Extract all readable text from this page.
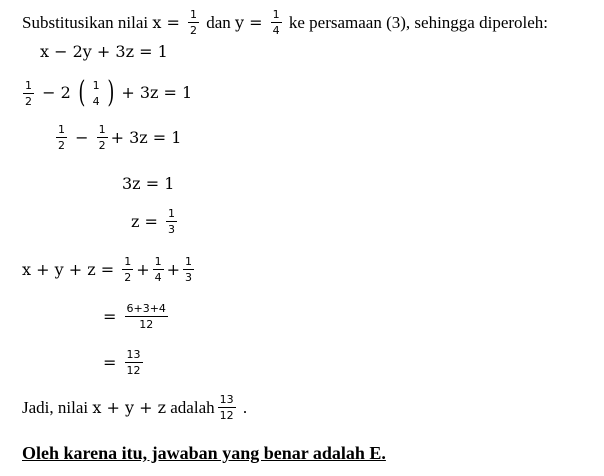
Substitusikan nilai $x = \frac{1}{2}$ dan $y = \frac{1}{4}$ ke persamaan (3), sehingga diperoleh:
x − 2y + 3z = 1
$\frac{1}{2} - 2$ ( 1
4 ) + 3z = 1
$\frac{1}{2} - \frac{1}{2} + 3z = 1$
3z = 1
$z = \frac{1}{3}$
$x + y + z = \frac{1}{2} + \frac{1}{4} + \frac{1}{3}$
= $\frac{6+3+4}{12}$
= $\frac{13}{12}$
Jadi, nilai x + y + z adalah $\frac{13}{12}$ .
Oleh karena itu, jawaban yang benar adalah E.
